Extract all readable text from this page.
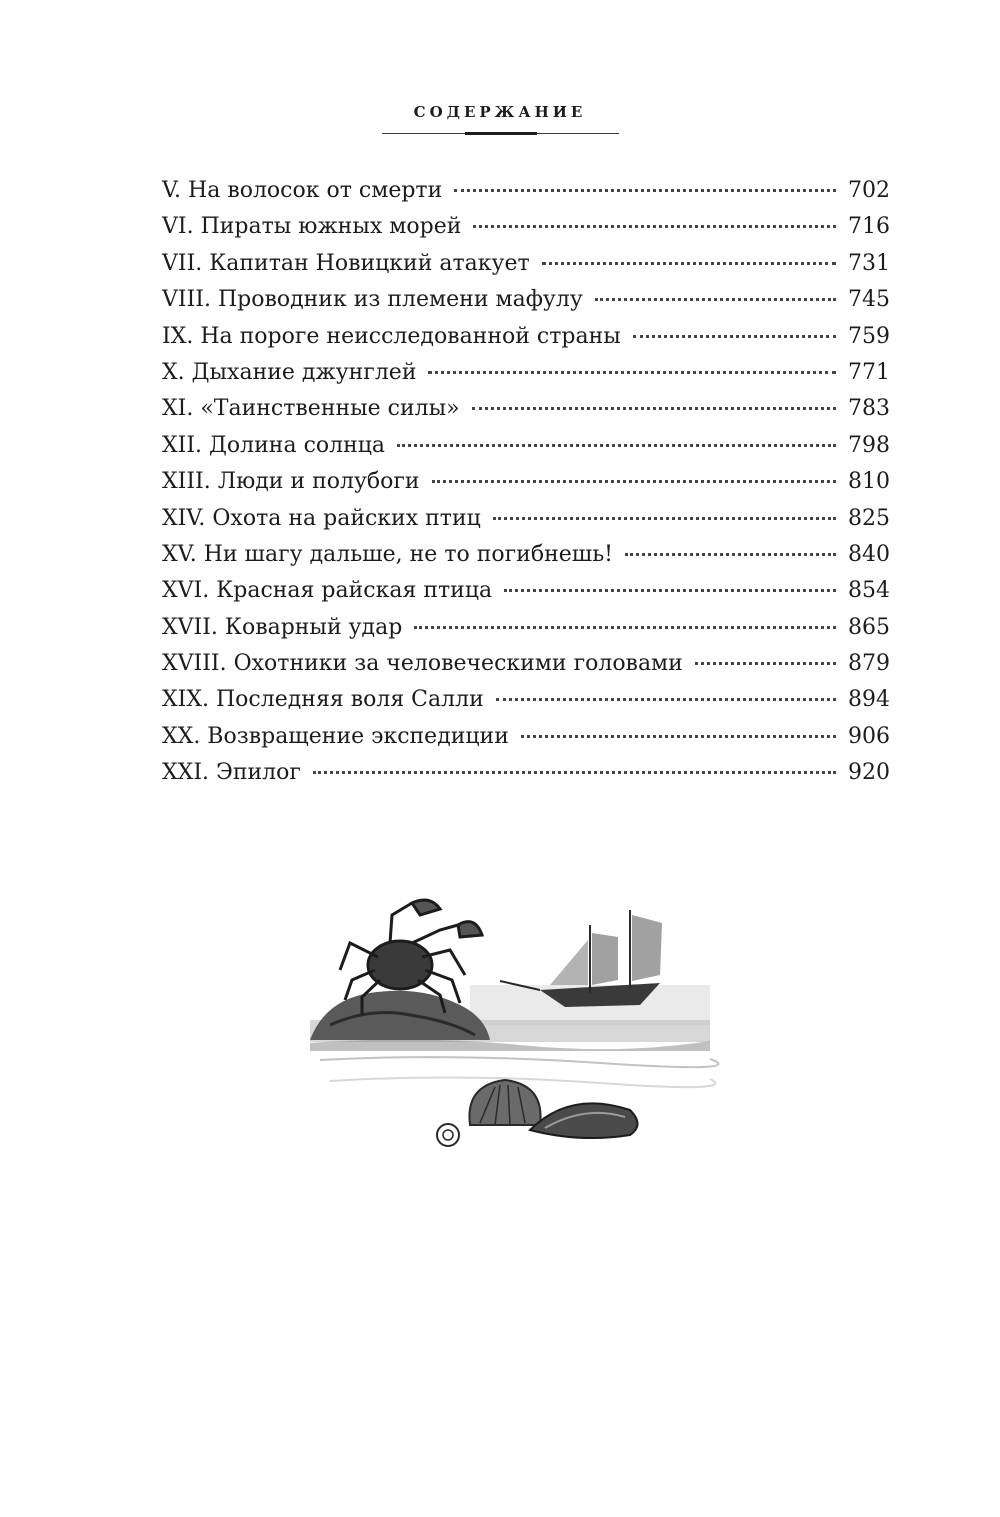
СОДЕРЖАНИЕ
V. На волосок от смерти	702
VI. Пираты южных морей	716
VII. Капитан Новицкий атакует	731
VIII. Проводник из племени мафулу	745
IX. На пороге неисследованной страны	759
X. Дыхание джунглей	771
XI. «Таинственные силы»	783
XII. Долина солнца	798
XIII. Люди и полубоги	810
XIV. Охота на райских птиц	825
XV. Ни шагу дальше, не то погибнешь!	840
XVI. Красная райская птица	854
XVII. Коварный удар	865
XVIII. Охотники за человеческими головами	879
XIX. Последняя воля Салли	894
XX. Возвращение экспедиции	906
XXI. Эпилог	920
